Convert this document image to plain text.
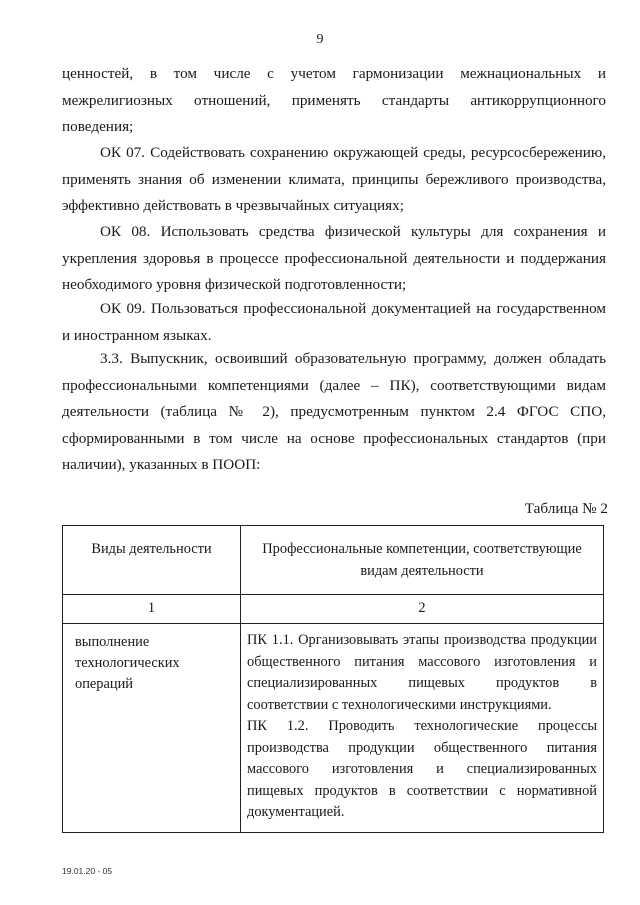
9
ценностей, в том числе с учетом гармонизации межнациональных и межрелигиозных отношений, применять стандарты антикоррупционного поведения;
ОК 07. Содействовать сохранению окружающей среды, ресурсосбережению, применять знания об изменении климата, принципы бережливого производства, эффективно действовать в чрезвычайных ситуациях;
ОК 08. Использовать средства физической культуры для сохранения и укрепления здоровья в процессе профессиональной деятельности и поддержания необходимого уровня физической подготовленности;
ОК 09. Пользоваться профессиональной документацией на государственном и иностранном языках.
3.3. Выпускник, освоивший образовательную программу, должен обладать профессиональными компетенциями (далее – ПК), соответствующими видам деятельности (таблица № 2), предусмотренным пунктом 2.4 ФГОС СПО, сформированными в том числе на основе профессиональных стандартов (при наличии), указанных в ПООП:
Таблица № 2
Виды деятельности	Профессиональные компетенции, соответствующие видам деятельности
1	2
выполнение технологических операций	ПК 1.1. Организовывать этапы производства продукции общественного питания массового изготовления и специализированных пищевых продуктов в соответствии с технологическими инструкциями.

ПК 1.2. Проводить технологические процессы производства продукции общественного питания массового изготовления и специализированных пищевых продуктов в соответствии с нормативной документацией.

19.01.20 - 05
